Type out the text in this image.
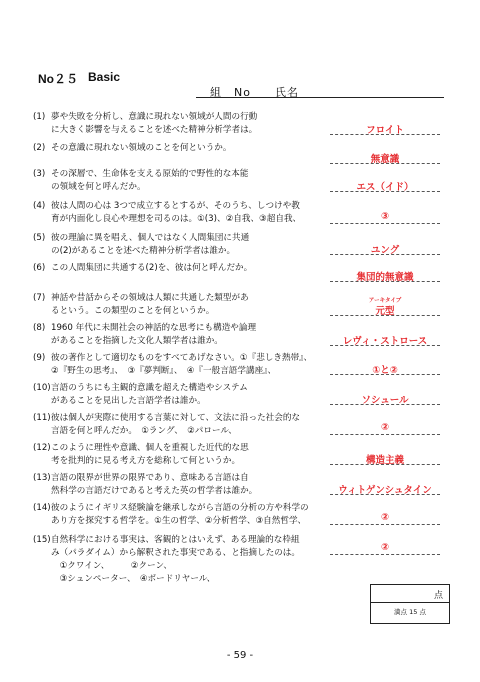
No２５ Basic
組　No　　氏名
(1) 夢や失敗を分析し、意識に現れない領域が人間の行動
に大きく影響を与えることを述べた精神分析学者は。	フロイト
(2) その意識に現れない領域のことを何というか。
無意識
(3) その深層で、生命体を支える原始的で野性的な本能
の領域を何と呼んだか。	エス（イド）
(4) 彼は人間の心は 3つで成立するとするが、そのうち、しつけや教
育が内面化し良心や理想を司るのは。①(3)、②自我、③超自我、	③
(5) 彼の理論に異を唱え、個人ではなく人間集団に共通
の(2)があることを述べた精神分析学者は誰か。	ユング
(6) この人間集団に共通する(2)を、彼は何と呼んだか。
集団的無意識
(7) 神話や昔話からその領域は人類に共通した類型があ
るという。この類型のことを何というか。	元型
アーキタイプ
(8) 1960 年代に未開社会の神話的な思考にも構造や論理
があることを指摘した文化人類学者は誰か。	レヴィ・ストロース
(9) 彼の著作として適切なものをすべてあげなさい。①『悲しき熱帯』、
②『野生の思考』、　③『夢判断』、　④『一般言語学講座』、	①と②
(10) 言語のうちにも主観的意識を超えた構造やシステム
があることを見出した言語学者は誰か。	ソシュール
(11) 彼は個人が実際に使用する言葉に対して、文法に沿った社会的な
言語を何と呼んだか。　①ラング、　②パロール、	②
(12) このように理性や意識、個人を重視した近代的な思
考を批判的に見る考え方を総称して何というか。	構造主義
(13) 言語の限界が世界の限界であり、意味ある言語は自
然科学の言語だけであると考えた英の哲学者は誰か。	ウィトゲンシュタイン
(14) 彼のようにイギリス経験論を継承しながら言語の分析の方や科学の
あり方を探究する哲学を。①生の哲学、②分析哲学、③自然哲学、	②
(15) 自然科学における事実は、客観的とはいえず、ある理論的な枠組
み（パラダイム）から解釈された事実である、と指摘したのは。
　①クワイン、　　　②クーン、
　③シュンペーター、　④ボードリヤール、
②
点
満点 15 点
- 59 -
